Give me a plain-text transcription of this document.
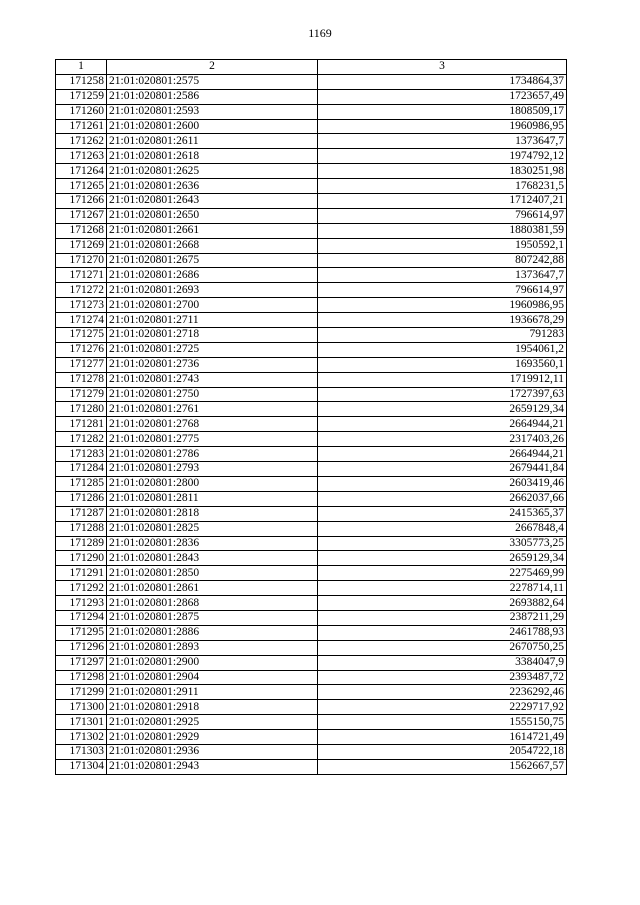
1169
1	2	3
171258	21:01:020801:2575	1734864,37
171259	21:01:020801:2586	1723657,49
171260	21:01:020801:2593	1808509,17
171261	21:01:020801:2600	1960986,95
171262	21:01:020801:2611	1373647,7
171263	21:01:020801:2618	1974792,12
171264	21:01:020801:2625	1830251,98
171265	21:01:020801:2636	1768231,5
171266	21:01:020801:2643	1712407,21
171267	21:01:020801:2650	796614,97
171268	21:01:020801:2661	1880381,59
171269	21:01:020801:2668	1950592,1
171270	21:01:020801:2675	807242,88
171271	21:01:020801:2686	1373647,7
171272	21:01:020801:2693	796614,97
171273	21:01:020801:2700	1960986,95
171274	21:01:020801:2711	1936678,29
171275	21:01:020801:2718	791283
171276	21:01:020801:2725	1954061,2
171277	21:01:020801:2736	1693560,1
171278	21:01:020801:2743	1719912,11
171279	21:01:020801:2750	1727397,63
171280	21:01:020801:2761	2659129,34
171281	21:01:020801:2768	2664944,21
171282	21:01:020801:2775	2317403,26
171283	21:01:020801:2786	2664944,21
171284	21:01:020801:2793	2679441,84
171285	21:01:020801:2800	2603419,46
171286	21:01:020801:2811	2662037,66
171287	21:01:020801:2818	2415365,37
171288	21:01:020801:2825	2667848,4
171289	21:01:020801:2836	3305773,25
171290	21:01:020801:2843	2659129,34
171291	21:01:020801:2850	2275469,99
171292	21:01:020801:2861	2278714,11
171293	21:01:020801:2868	2693882,64
171294	21:01:020801:2875	2387211,29
171295	21:01:020801:2886	2461788,93
171296	21:01:020801:2893	2670750,25
171297	21:01:020801:2900	3384047,9
171298	21:01:020801:2904	2393487,72
171299	21:01:020801:2911	2236292,46
171300	21:01:020801:2918	2229717,92
171301	21:01:020801:2925	1555150,75
171302	21:01:020801:2929	1614721,49
171303	21:01:020801:2936	2054722,18
171304	21:01:020801:2943	1562667,57
